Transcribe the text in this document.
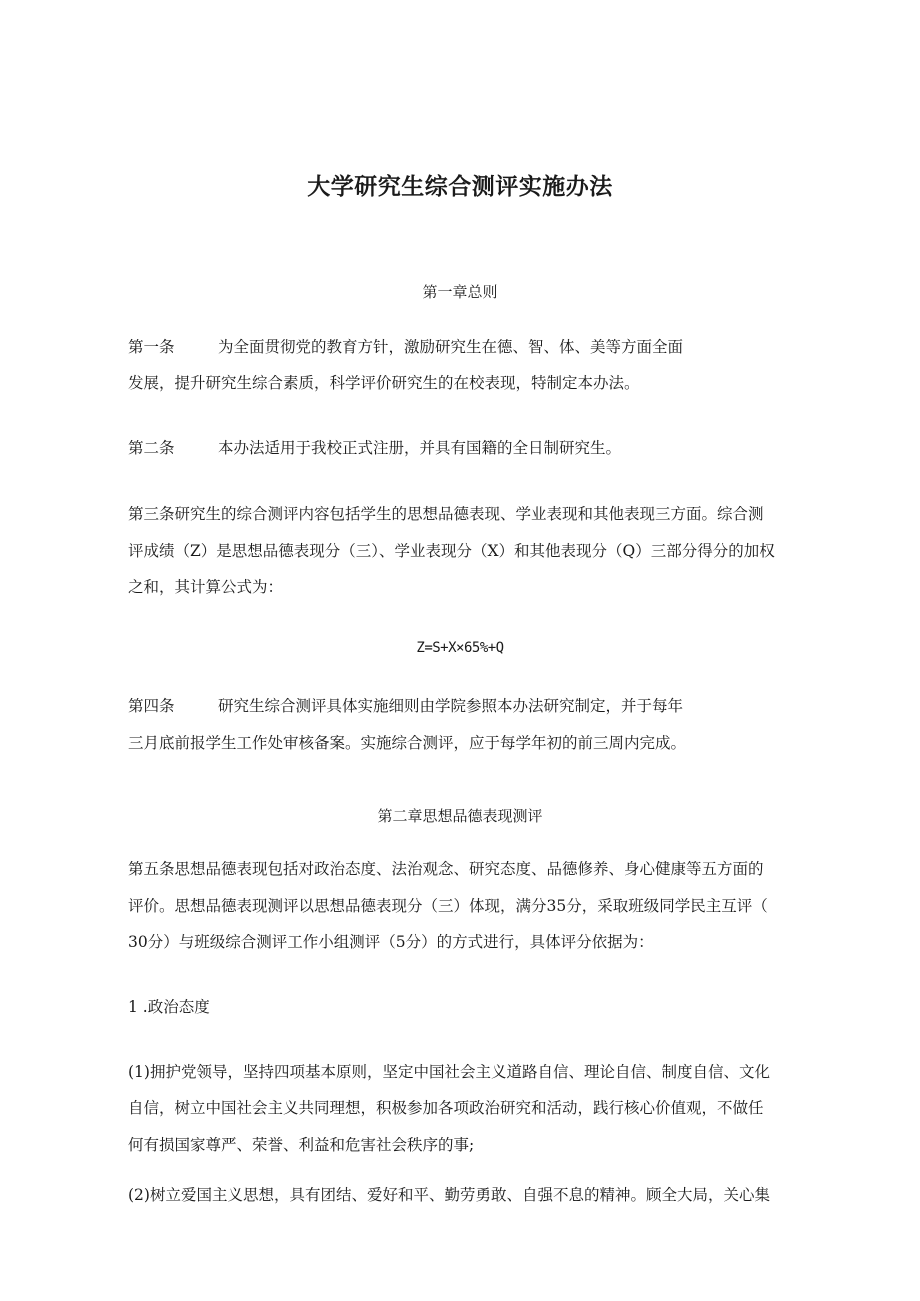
大学研究生综合测评实施办法
第一章总则
第一条	为全面贯彻党的教育方针，激励研究生在德、智、体、美等方面全面
发展，提升研究生综合素质，科学评价研究生的在校表现，特制定本办法。
第二条	本办法适用于我校正式注册，并具有国籍的全日制研究生。
第三条研究生的综合测评内容包括学生的思想品德表现、学业表现和其他表现三方面。综合测
评成绩（Z）是思想品德表现分（三）、学业表现分（X）和其他表现分（Q）三部分得分的加权
之和，其计算公式为：
Z=S+X×65%+Q
第四条	研究生综合测评具体实施细则由学院参照本办法研究制定，并于每年
三月底前报学生工作处审核备案。实施综合测评，应于每学年初的前三周内完成。
第二章思想品德表现测评
第五条思想品德表现包括对政治态度、法治观念、研究态度、品德修养、身心健康等五方面的
评价。思想品德表现测评以思想品德表现分（三）体现，满分35分，采取班级同学民主互评（
30分）与班级综合测评工作小组测评（5分）的方式进行，具体评分依据为：
1 .政治态度
(1)拥护党领导，坚持四项基本原则，坚定中国社会主义道路自信、理论自信、制度自信、文化
自信，树立中国社会主义共同理想，积极参加各项政治研究和活动，践行核心价值观，不做任
何有损国家尊严、荣誉、利益和危害社会秩序的事;
(2)树立爱国主义思想，具有团结、爱好和平、勤劳勇敢、自强不息的精神。顾全大局，关心集
